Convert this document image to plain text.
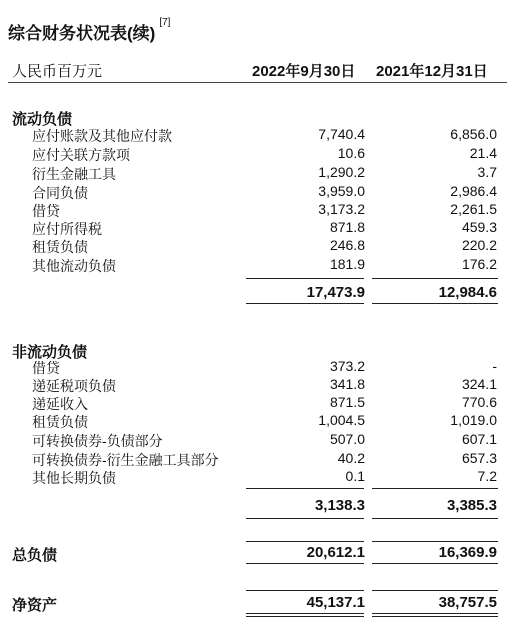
综合财务状况表(续)[7]
人民币百万元	2022年9月30日 2021年12月31日
流动负债
应付账款及其他应付款	7,740.4	6,856.0
应付关联方款项	10.6	21.4
衍生金融工具	1,290.2	3.7
合同负债	3,959.0	2,986.4
借贷	3,173.2	2,261.5
应付所得税	871.8	459.3
租赁负债	246.8	220.2
其他流动负债	181.9	176.2
17,473.9	12,984.6
非流动负债
借贷	373.2	-
递延税项负债	341.8	324.1
递延收入	871.5	770.6
租赁负债	1,004.5	1,019.0
可转换债券-负债部分	507.0	607.1
可转换债券-衍生金融工具部分	40.2	657.3
其他长期负债	0.1	7.2
3,138.3	3,385.3
总负债	20,612.1	16,369.9
净资产	45,137.1	38,757.5
